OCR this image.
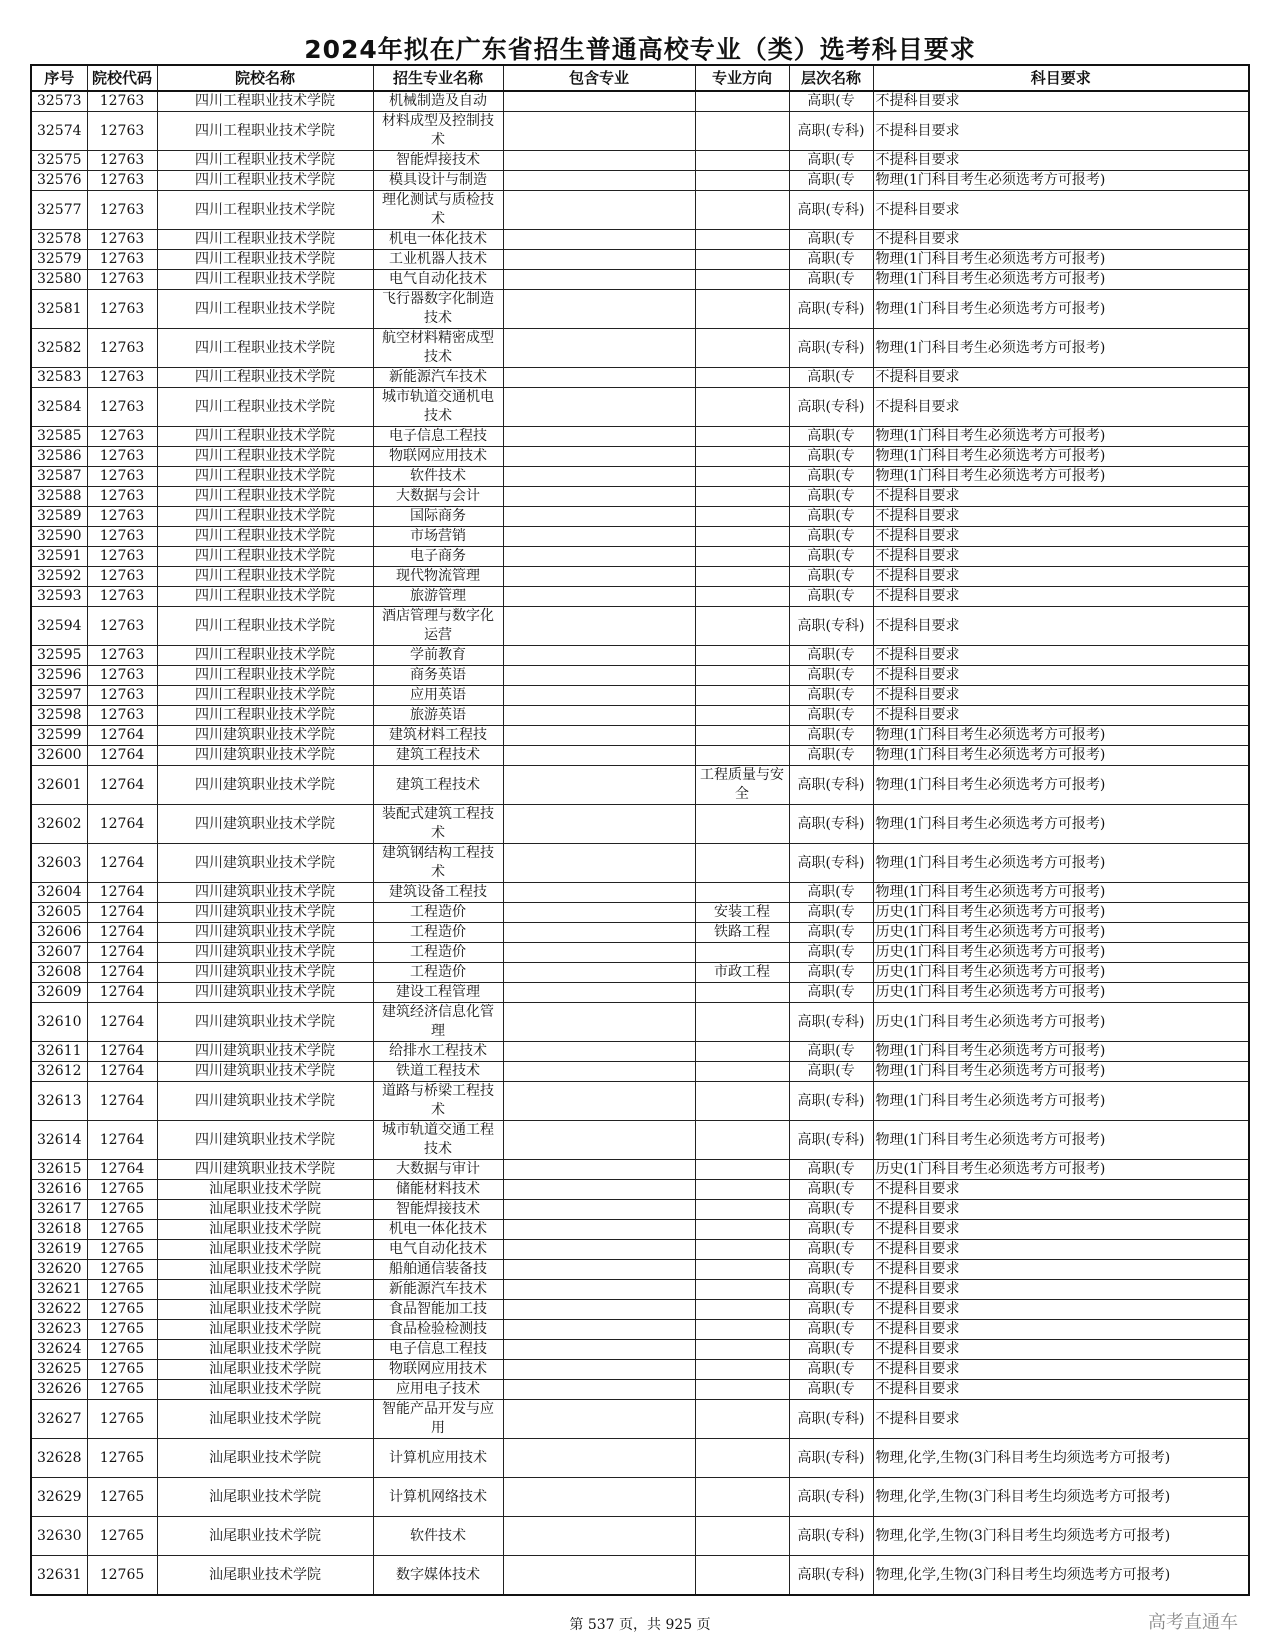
2024年拟在广东省招生普通高校专业（类）选考科目要求
序号	院校代码	院校名称	招生专业名称	包含专业	专业方向	层次名称	科目要求
32573	12763	四川工程职业技术学院	机械制造及自动			高职(专	不提科目要求
32574	12763	四川工程职业技术学院	材料成型及控制技术			高职(专科)	不提科目要求
32575	12763	四川工程职业技术学院	智能焊接技术			高职(专	不提科目要求
32576	12763	四川工程职业技术学院	模具设计与制造			高职(专	物理(1门科目考生必须选考方可报考)
32577	12763	四川工程职业技术学院	理化测试与质检技术			高职(专科)	不提科目要求
32578	12763	四川工程职业技术学院	机电一体化技术			高职(专	不提科目要求
32579	12763	四川工程职业技术学院	工业机器人技术			高职(专	物理(1门科目考生必须选考方可报考)
32580	12763	四川工程职业技术学院	电气自动化技术			高职(专	物理(1门科目考生必须选考方可报考)
32581	12763	四川工程职业技术学院	飞行器数字化制造技术			高职(专科)	物理(1门科目考生必须选考方可报考)
32582	12763	四川工程职业技术学院	航空材料精密成型技术			高职(专科)	物理(1门科目考生必须选考方可报考)
32583	12763	四川工程职业技术学院	新能源汽车技术			高职(专	不提科目要求
32584	12763	四川工程职业技术学院	城市轨道交通机电技术			高职(专科)	不提科目要求
32585	12763	四川工程职业技术学院	电子信息工程技			高职(专	物理(1门科目考生必须选考方可报考)
32586	12763	四川工程职业技术学院	物联网应用技术			高职(专	物理(1门科目考生必须选考方可报考)
32587	12763	四川工程职业技术学院	软件技术			高职(专	物理(1门科目考生必须选考方可报考)
32588	12763	四川工程职业技术学院	大数据与会计			高职(专	不提科目要求
32589	12763	四川工程职业技术学院	国际商务			高职(专	不提科目要求
32590	12763	四川工程职业技术学院	市场营销			高职(专	不提科目要求
32591	12763	四川工程职业技术学院	电子商务			高职(专	不提科目要求
32592	12763	四川工程职业技术学院	现代物流管理			高职(专	不提科目要求
32593	12763	四川工程职业技术学院	旅游管理			高职(专	不提科目要求
32594	12763	四川工程职业技术学院	酒店管理与数字化运营			高职(专科)	不提科目要求
32595	12763	四川工程职业技术学院	学前教育			高职(专	不提科目要求
32596	12763	四川工程职业技术学院	商务英语			高职(专	不提科目要求
32597	12763	四川工程职业技术学院	应用英语			高职(专	不提科目要求
32598	12763	四川工程职业技术学院	旅游英语			高职(专	不提科目要求
32599	12764	四川建筑职业技术学院	建筑材料工程技			高职(专	物理(1门科目考生必须选考方可报考)
32600	12764	四川建筑职业技术学院	建筑工程技术			高职(专	物理(1门科目考生必须选考方可报考)
32601	12764	四川建筑职业技术学院	建筑工程技术		工程质量与安全	高职(专科)	物理(1门科目考生必须选考方可报考)
32602	12764	四川建筑职业技术学院	装配式建筑工程技术			高职(专科)	物理(1门科目考生必须选考方可报考)
32603	12764	四川建筑职业技术学院	建筑钢结构工程技术			高职(专科)	物理(1门科目考生必须选考方可报考)
32604	12764	四川建筑职业技术学院	建筑设备工程技			高职(专	物理(1门科目考生必须选考方可报考)
32605	12764	四川建筑职业技术学院	工程造价		安装工程	高职(专	历史(1门科目考生必须选考方可报考)
32606	12764	四川建筑职业技术学院	工程造价		铁路工程	高职(专	历史(1门科目考生必须选考方可报考)
32607	12764	四川建筑职业技术学院	工程造价			高职(专	历史(1门科目考生必须选考方可报考)
32608	12764	四川建筑职业技术学院	工程造价		市政工程	高职(专	历史(1门科目考生必须选考方可报考)
32609	12764	四川建筑职业技术学院	建设工程管理			高职(专	历史(1门科目考生必须选考方可报考)
32610	12764	四川建筑职业技术学院	建筑经济信息化管理			高职(专科)	历史(1门科目考生必须选考方可报考)
32611	12764	四川建筑职业技术学院	给排水工程技术			高职(专	物理(1门科目考生必须选考方可报考)
32612	12764	四川建筑职业技术学院	铁道工程技术			高职(专	物理(1门科目考生必须选考方可报考)
32613	12764	四川建筑职业技术学院	道路与桥梁工程技术			高职(专科)	物理(1门科目考生必须选考方可报考)
32614	12764	四川建筑职业技术学院	城市轨道交通工程技术			高职(专科)	物理(1门科目考生必须选考方可报考)
32615	12764	四川建筑职业技术学院	大数据与审计			高职(专	历史(1门科目考生必须选考方可报考)
32616	12765	汕尾职业技术学院	储能材料技术			高职(专	不提科目要求
32617	12765	汕尾职业技术学院	智能焊接技术			高职(专	不提科目要求
32618	12765	汕尾职业技术学院	机电一体化技术			高职(专	不提科目要求
32619	12765	汕尾职业技术学院	电气自动化技术			高职(专	不提科目要求
32620	12765	汕尾职业技术学院	船舶通信装备技			高职(专	不提科目要求
32621	12765	汕尾职业技术学院	新能源汽车技术			高职(专	不提科目要求
32622	12765	汕尾职业技术学院	食品智能加工技			高职(专	不提科目要求
32623	12765	汕尾职业技术学院	食品检验检测技			高职(专	不提科目要求
32624	12765	汕尾职业技术学院	电子信息工程技			高职(专	不提科目要求
32625	12765	汕尾职业技术学院	物联网应用技术			高职(专	不提科目要求
32626	12765	汕尾职业技术学院	应用电子技术			高职(专	不提科目要求
32627	12765	汕尾职业技术学院	智能产品开发与应用			高职(专科)	不提科目要求
32628	12765	汕尾职业技术学院	计算机应用技术			高职(专科)	物理,化学,生物(3门科目考生均须选考方可报考)
32629	12765	汕尾职业技术学院	计算机网络技术			高职(专科)	物理,化学,生物(3门科目考生均须选考方可报考)
32630	12765	汕尾职业技术学院	软件技术			高职(专科)	物理,化学,生物(3门科目考生均须选考方可报考)
32631	12765	汕尾职业技术学院	数字媒体技术			高职(专科)	物理,化学,生物(3门科目考生均须选考方可报考)
第 537 页，共 925 页	高考直通车
